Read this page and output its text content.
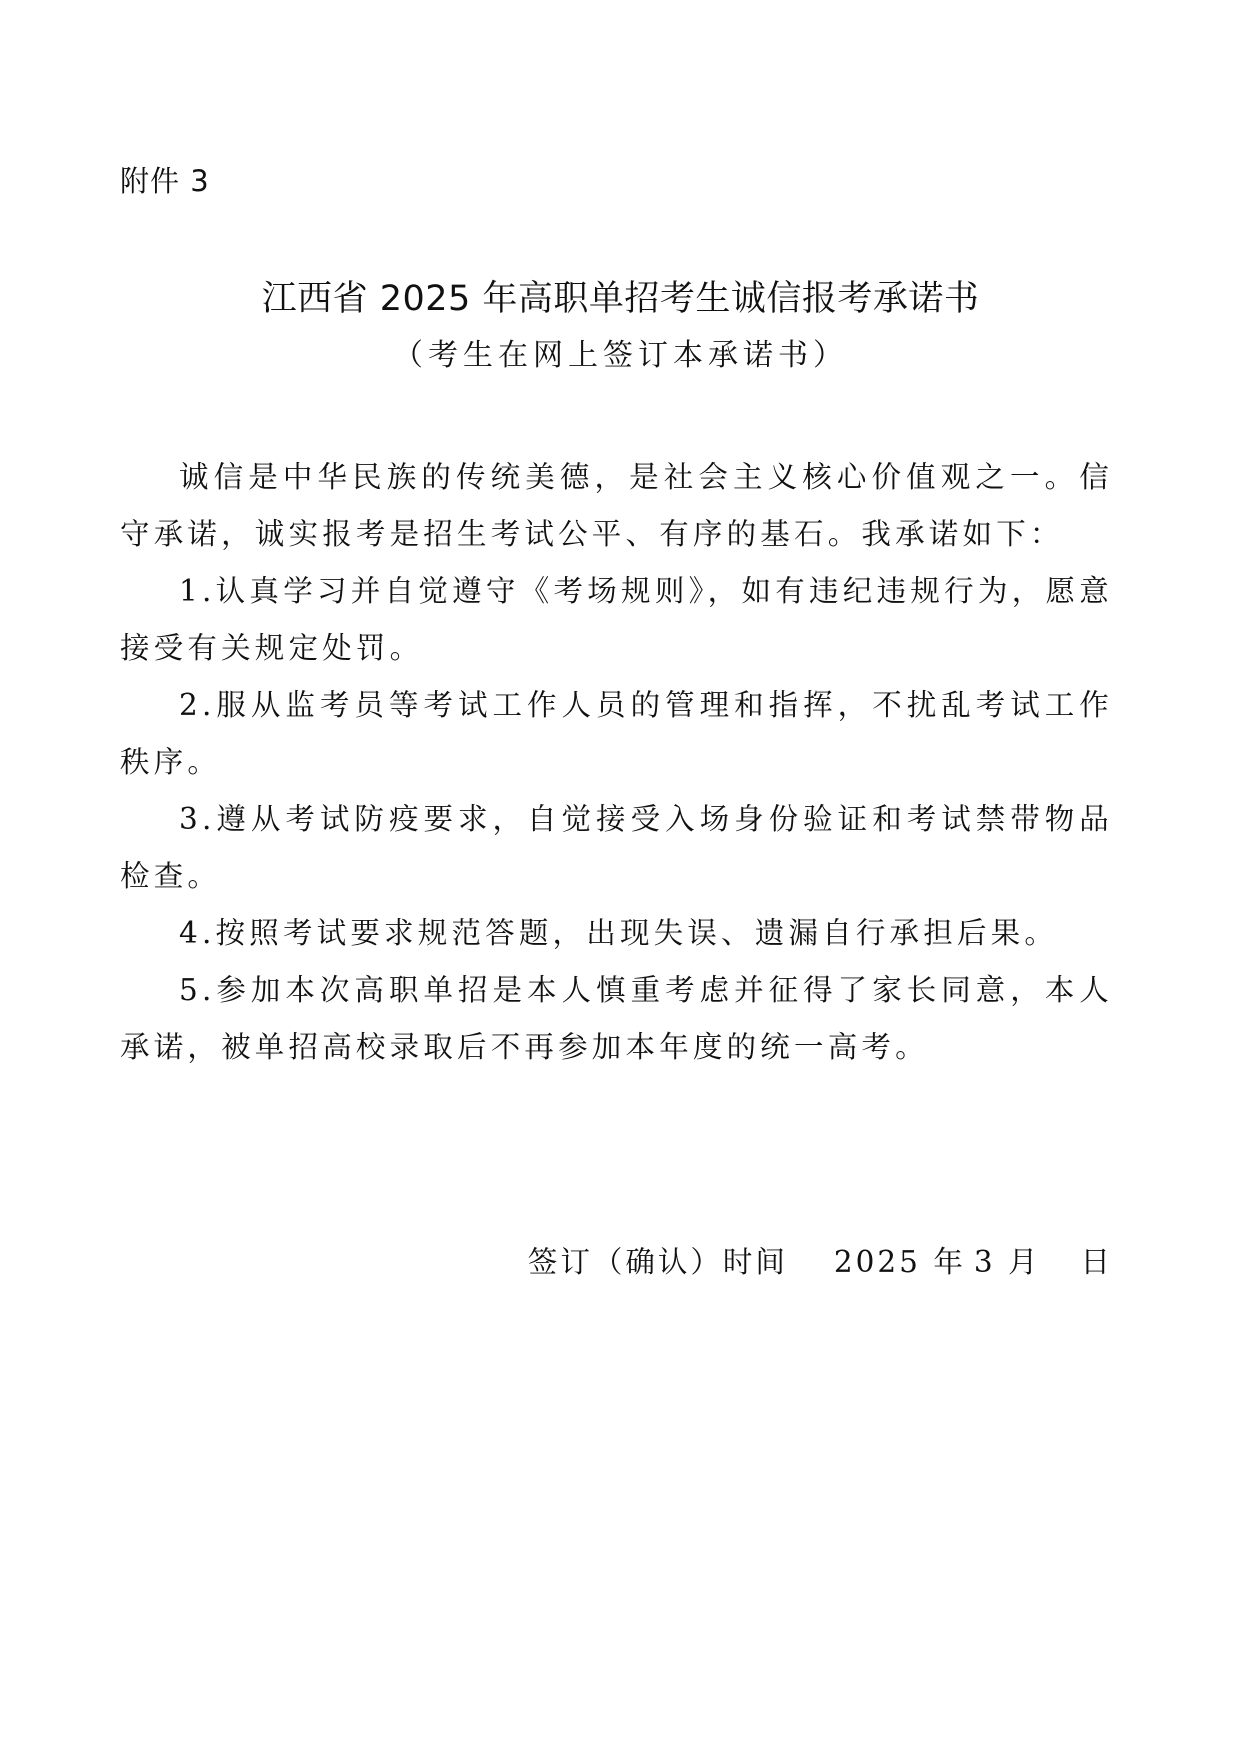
附件 3
江西省 2025 年高职单招考生诚信报考承诺书
（考生在网上签订本承诺书）

诚信是中华民族的传统美德，是社会主义核心价值观之一。信守承诺，诚实报考是招生考试公平、有序的基石。我承诺如下：

1.认真学习并自觉遵守《考场规则》，如有违纪违规行为，愿意接受有关规定处罚。

2.服从监考员等考试工作人员的管理和指挥，不扰乱考试工作秩序。

3.遵从考试防疫要求，自觉接受入场身份验证和考试禁带物品检查。

4.按照考试要求规范答题，出现失误、遗漏自行承担后果。

5.参加本次高职单招是本人慎重考虑并征得了家长同意，本人承诺，被单招高校录取后不再参加本年度的统一高考。

签订（确认）时间 2025 年 3 月 日
